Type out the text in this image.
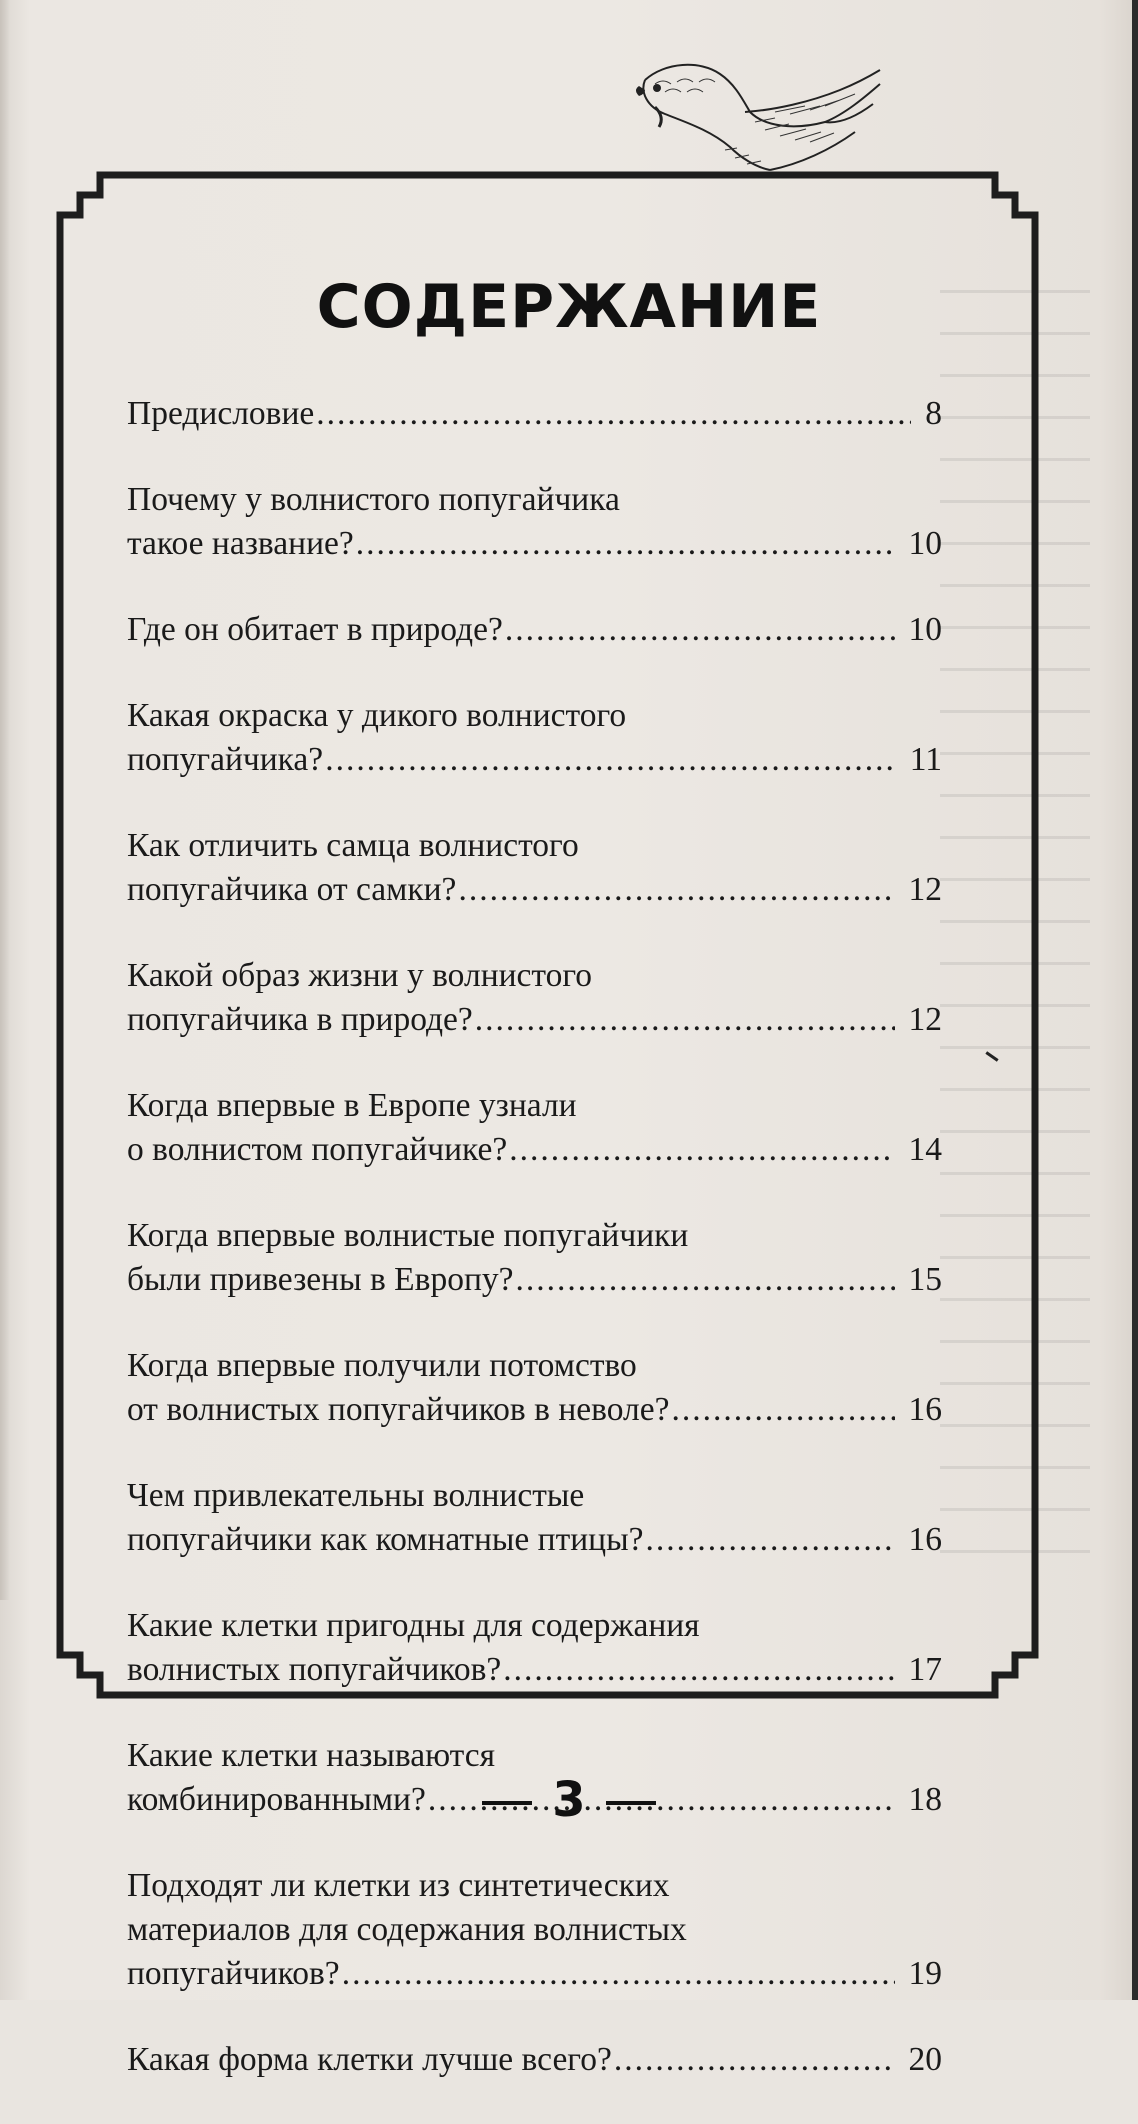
СОДЕРЖАНИЕ
Предисловие .....	8
Почему у волнистого попугайчика
такое название? .....	10
Где он обитает в природе? .....	10
Какая окраска у дикого волнистого
попугайчика? .....	11
Как отличить самца волнистого
попугайчика от самки? .....	12
Какой образ жизни у волнистого
попугайчика в природе? .....	12
Когда впервые в Европе узнали
о волнистом попугайчике? .....	14
Когда впервые волнистые попугайчики
были привезены в Европу? .....	15
Когда впервые получили потомство
от волнистых попугайчиков в неволе? .....	16
Чем привлекательны волнистые
попугайчики как комнатные птицы? .....	16
Какие клетки пригодны для содержания
волнистых попугайчиков? .....	17
Какие клетки называются
комбинированными? .....	18
Подходят ли клетки из синтетических
материалов для содержания волнистых
попугайчиков? .....	19
Какая форма клетки лучше всего? .....	20
3
